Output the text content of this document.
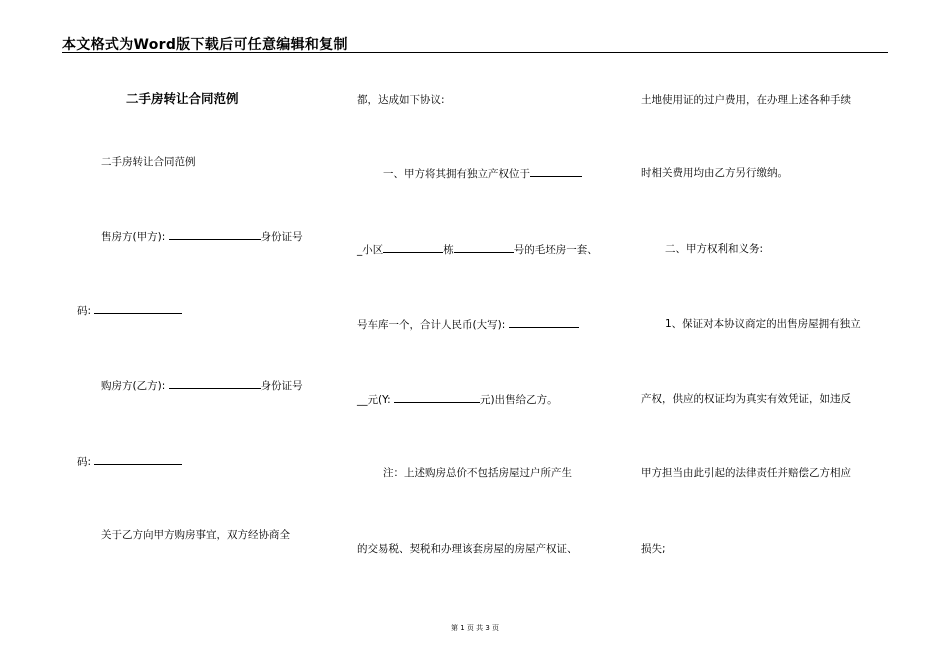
本文格式为Word版下载后可任意编辑和复制
二手房转让合同范例
二手房转让合同范例
售房方(甲方):	身份证号
码:
购房方(乙方):	身份证号
码:
关于乙方向甲方购房事宜，双方经协商全
都，达成如下协议:
一、甲方将其拥有独立产权位于
_小区	栋	号的毛坯房一套、
号车库一个，合计人民币(大写):
__元(Y:	元)出售给乙方。
注：上述购房总价不包括房屋过户所产生
的交易税、契税和办理该套房屋的房屋产权证、
土地使用证的过户费用，在办理上述各种手续
时相关费用均由乙方另行缴纳。
二、甲方权利和义务:
1、保证对本协议商定的出售房屋拥有独立
产权，供应的权证均为真实有效凭证，如违反
甲方担当由此引起的法律责任并赔偿乙方相应
损失;
第 1 页 共 3 页
